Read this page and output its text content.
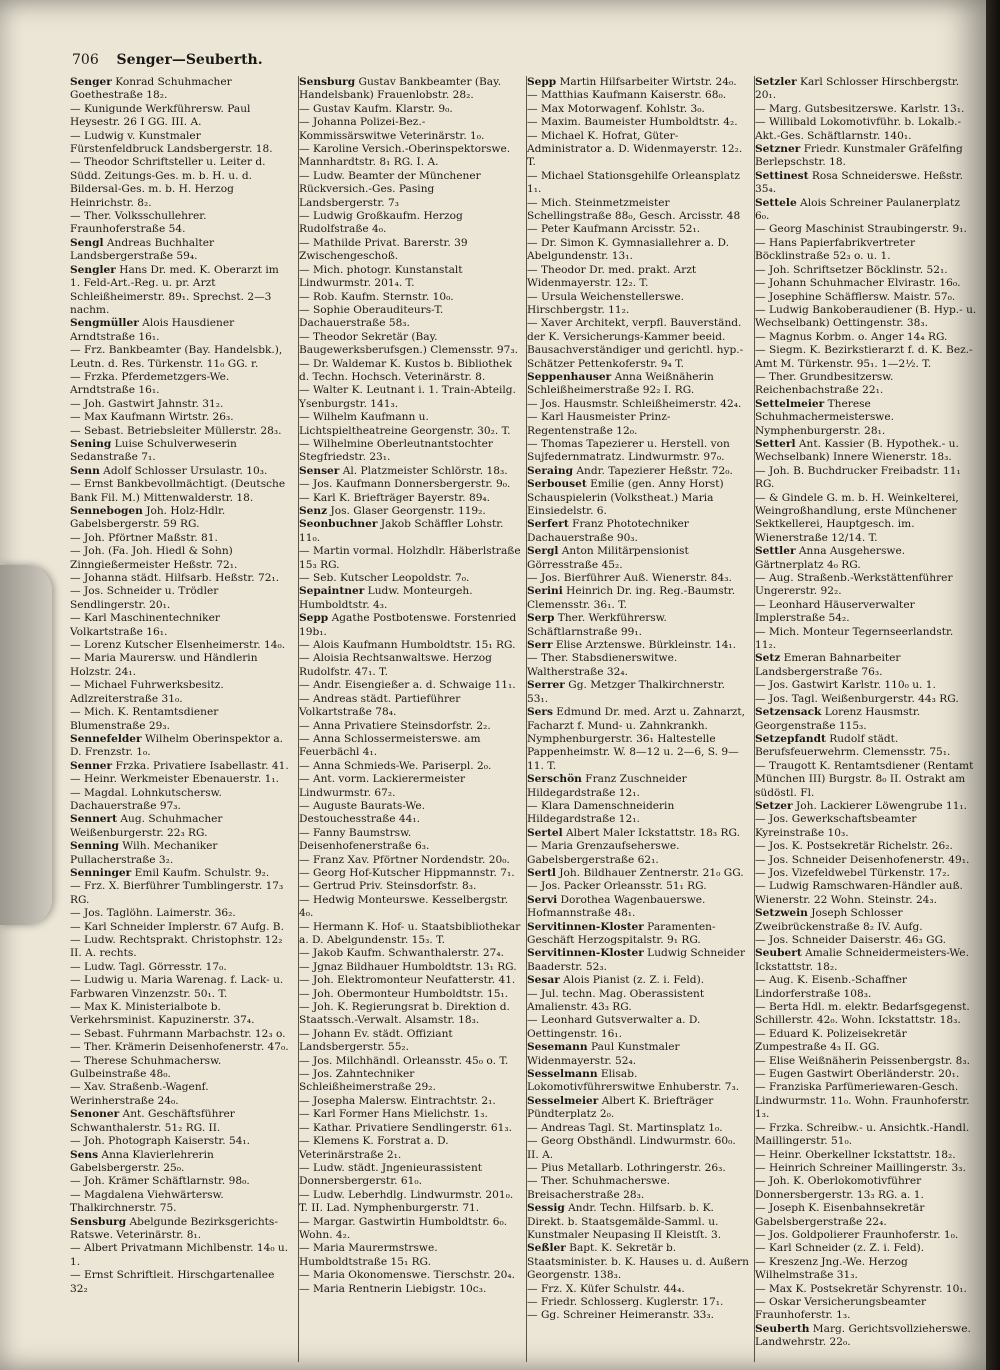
706 Senger—Seuberth.
Senger Konrad Schuhmacher Goethestraße 18₂.
— Kunigunde Werkführersw. Paul Heysestr. 26 I GG. III. A.
— Ludwig v. Kunstmaler Fürstenfeldbruck Landsbergerstr. 18.
— Theodor Schriftsteller u. Leiter d. Südd. Zeitungs-Ges. m. b. H. u. d. Bildersal-Ges. m. b. H. Herzog Heinrichstr. 8₂.
— Ther. Volksschullehrer. Fraunhoferstraße 54.
Sengl Andreas Buchhalter Landsbergerstraße 59₄.
Sengler Hans Dr. med. K. Oberarzt im 1. Feld-Art.-Reg. u. pr. Arzt Schleißheimerstr. 89₁. Sprechst. 2—3 nachm.
Sengmüller Alois Hausdiener Arndtstraße 16₁.
— Frz. Bankbeamter (Bay. Handelsbk.), Leutn. d. Res. Türkenstr. 11₀ GG. r.
— Frzka. Pferdemetzgers-We. Arndtstraße 16₁.
— Joh. Gastwirt Jahnstr. 31₂.
— Max Kaufmann Wirtstr. 26₃.
— Sebast. Betriebsleiter Müllerstr. 28₃.
Sening Luise Schulverweserin Sedanstraße 7₁.
Senn Adolf Schlosser Ursulastr. 10₃.
— Ernst Bankbevollmächtigt. (Deutsche Bank Fil. M.) Mittenwalderstr. 18.
Sennebogen Joh. Holz-Hdlr. Gabelsbergerstr. 59 RG.
— Joh. Pförtner Maßstr. 81.
— Joh. (Fa. Joh. Hiedl & Sohn) Zinngießermeister Heßstr. 72₁.
— Johanna städt. Hilfsarb. Heßstr. 72₁.
— Jos. Schneider u. Trödler Sendlingerstr. 20₁.
— Karl Maschinentechniker Volkartstraße 16₁.
— Lorenz Kutscher Elsenheimerstr. 14₀.
— Maria Maurersw. und Händlerin Holzstr. 24₁.
— Michael Fuhrwerksbesitz. Adlzreiterstraße 31₀.
— Mich. K. Rentamtsdiener Blumenstraße 29₃.
Sennefelder Wilhelm Oberinspektor a. D. Frenzstr. 1₀.
Senner Frzka. Privatiere Isabellastr. 41.
— Heinr. Werkmeister Ebenauerstr. 1₁.
— Magdal. Lohnkutschersw. Dachauerstraße 97₃.
Sennert Aug. Schuhmacher Weißenburgerstr. 22₃ RG.
Senning Wilh. Mechaniker Pullacherstraße 3₂.
Senninger Emil Kaufm. Schulstr. 9₂.
— Frz. X. Bierführer Tumblingerstr. 17₃ RG.
— Jos. Taglöhn. Laimerstr. 36₂.
— Karl Schneider Implerstr. 67 Aufg. B.
— Ludw. Rechtsprakt. Christophstr. 12₂ II. A. rechts.
— Ludw. Tagl. Görresstr. 17₀.
— Ludwig u. Maria Warenag. f. Lack- u. Farbwaren Vinzenzstr. 50₁. T.
— Max K. Ministerialbote b. Verkehrsminist. Kapuzinerstr. 37₄.
— Sebast. Fuhrmann Marbachstr. 12₃ o.
— Ther. Krämerin Deisenhofenerstr. 47₀.
— Therese Schuhmachersw. Gulbeinstraße 48₀.
— Xav. Straßenb.-Wagenf. Werinherstraße 24₀.
Senoner Ant. Geschäftsführer Schwanthalerstr. 51₂ RG. II.
— Joh. Photograph Kaiserstr. 54₁.
Sens Anna Klavierlehrerin Gabelsbergerstr. 25₀.
— Joh. Krämer Schäftlarnstr. 98₀.
— Magdalena Viehwärtersw. Thalkirchnerstr. 75.
Sensburg Abelgunde Bezirksgerichts-Ratswe. Veterinärstr. 8₁.
— Albert Privatmann Michlbenstr. 14₀ u. 1.
— Ernst Schriftleit. Hirschgartenallee 32₂
Sensburg Gustav Bankbeamter (Bay. Handelsbank) Frauenlobstr. 28₂.
— Gustav Kaufm. Klarstr. 9₀.
— Johanna Polizei-Bez.-Kommissärswitwe Veterinärstr. 1₀.
— Karoline Versich.-Oberinspektorswe. Mannhardtstr. 8₁ RG. I. A.
— Ludw. Beamter der Münchener Rückversich.-Ges. Pasing Landsbergerstr. 7₃
— Ludwig Großkaufm. Herzog Rudolfstraße 4₀.
— Mathilde Privat. Barerstr. 39 Zwischengeschoß.
— Mich. photogr. Kunstanstalt Lindwurmstr. 201₄. T.
— Rob. Kaufm. Sternstr. 10₀.
— Sophie Oberauditeurs-T. Dachauerstraße 58₃.
— Theodor Sekretär (Bay. Baugewerksberufsgen.) Clemensstr. 97₃.
— Dr. Waldemar K. Kustos b. Bibliothek d. Techn. Hochsch. Veterinärstr. 8.
— Walter K. Leutnant i. 1. Train-Abteilg. Ysenburgstr. 141₃.
— Wilhelm Kaufmann u. Lichtspieltheatreine Georgenstr. 30₂. T.
— Wilhelmine Oberleutnantstochter Stegfriedstr. 23₁.
Senser Al. Platzmeister Schlörstr. 18₃.
— Jos. Kaufmann Donnersbergerstr. 9₀.
— Karl K. Briefträger Bayerstr. 89₄.
Senz Jos. Glaser Georgenstr. 119₂.
Seonbuchner Jakob Schäffler Lohstr. 11₀.
— Martin vormal. Holzhdlr. Häberlstraße 15₃ RG.
— Seb. Kutscher Leopoldstr. 7₀.
Sepaintner Ludw. Monteurgeh. Humboldtstr. 4₃.
Sepp Agathe Postbotenswe. Forstenried 19b₁.
— Alois Kaufmann Humboldtstr. 15₁ RG.
— Aloisia Rechtsanwaltswe. Herzog Rudolfstr. 47₁. T.
— Andr. Eisengießer a. d. Schwaige 11₁.
— Andreas städt. Partieführer Volkartstraße 78₄.
— Anna Privatiere Steinsdorfstr. 2₂.
— Anna Schlossermeisterswe. am Feuerbächl 4₁.
— Anna Schmieds-We. Pariserpl. 2₀.
— Ant. vorm. Lackierermeister Lindwurmstr. 67₂.
— Auguste Baurats-We. Destouchesstraße 44₁.
— Fanny Baumstrsw. Deisenhofenerstraße 6₃.
— Franz Xav. Pförtner Nordendstr. 20₀.
— Georg Hof-Kutscher Hippmannstr. 7₁.
— Gertrud Priv. Steinsdorfstr. 8₃.
— Hedwig Monteurswe. Kesselbergstr. 4₀.
— Hermann K. Hof- u. Staatsbibliothekar a. D. Abelgundenstr. 15₃. T.
— Jakob Kaufm. Schwanthalerstr. 27₄.
— Jgnaz Bildhauer Humboldtstr. 13₁ RG.
— Joh. Elektromonteur Neufatterstr. 41.
— Joh. Obermonteur Humboldtstr. 15₁.
— Joh. K. Regierungsrat b. Direktion d. Staatssch.-Verwalt. Alsamstr. 18₃.
— Johann Ev. städt. Offiziant Landsbergerstr. 55₂.
— Jos. Milchhändl. Orleansstr. 45₀ o. T.
— Jos. Zahntechniker Schleißheimerstraße 29₂.
— Josepha Malersw. Eintrachtstr. 2₁.
— Karl Former Hans Mielichstr. 1₃.
— Kathar. Privatiere Sendlingerstr. 61₃.
— Klemens K. Forstrat a. D. Veterinärstraße 2₁.
— Ludw. städt. Jngenieurassistent Donnersbergerstr. 61₀.
— Ludw. Leberhdlg. Lindwurmstr. 201₀. T. II. Lad. Nymphenburgerstr. 71.
— Margar. Gastwirtin Humboldtstr. 6₀. Wohn. 4₂.
— Maria Maurermstrswe. Humboldtstraße 15₁ RG.
— Maria Okonomenswe. Tierschstr. 20₄.
— Maria Rentnerin Liebigstr. 10c₃.
Sepp Martin Hilfsarbeiter Wirtstr. 24₀.
— Matthias Kaufmann Kaiserstr. 68₀.
— Max Motorwagenf. Kohlstr. 3₀.
— Maxim. Baumeister Humboldtstr. 4₂.
— Michael K. Hofrat, Güter-Administrator a. D. Widenmayerstr. 12₂. T.
— Michael Stationsgehilfe Orleansplatz 1₁.
— Mich. Steinmetzmeister Schellingstraße 88₀, Gesch. Arcisstr. 48
— Peter Kaufmann Arcisstr. 52₁.
— Dr. Simon K. Gymnasiallehrer a. D. Abelgundenstr. 13₁.
— Theodor Dr. med. prakt. Arzt Widenmayerstr. 12₂. T.
— Ursula Weichenstellerswe. Hirschbergstr. 11₂.
— Xaver Architekt, verpfl. Bauverständ. der K. Versicherungs-Kammer beeid. Bausachverständiger und gerichtl. hyp.-Schätzer Pettenkoferstr. 9₄ T.
Seppenhauser Anna Weißnäherin Schleißheimerstraße 92₂ I. RG.
— Jos. Hausmstr. Schleißheimerstr. 42₄.
— Karl Hausmeister Prinz-Regentenstraße 12₀.
— Thomas Tapezierer u. Herstell. von Sujfedernmatratz. Lindwurmstr. 97₀.
Seraing Andr. Tapezierer Heßstr. 72₀.
Serbouset Emilie (gen. Anny Horst) Schauspielerin (Volkstheat.) Maria Einsiedelstr. 6.
Serfert Franz Phototechniker Dachauerstraße 90₃.
Sergl Anton Militärpensionist Görresstraße 45₂.
— Jos. Bierführer Auß. Wienerstr. 84₃.
Serini Heinrich Dr. ing. Reg.-Baumstr. Clemensstr. 36₁. T.
Serp Ther. Werkführersw. Schäftlarnstraße 99₁.
Serr Elise Arztenswe. Bürkleinstr. 14₁.
— Ther. Stabsdienerswitwe. Waltherstraße 32₄.
Serrer Gg. Metzger Thalkirchnerstr. 53₁.
Sers Edmund Dr. med. Arzt u. Zahnarzt, Facharzt f. Mund- u. Zahnkrankh. Nymphenburgerstr. 36₁ Haltestelle Pappenheimstr. W. 8—12 u. 2—6, S. 9—11. T.
Serschön Franz Zuschneider Hildegardstraße 12₁.
— Klara Damenschneiderin Hildegardstraße 12₁.
Sertel Albert Maler Ickstattstr. 18₃ RG.
— Maria Grenzaufseherswe. Gabelsbergerstraße 62₁.
Sertl Joh. Bildhauer Zentnerstr. 21₀ GG.
— Jos. Packer Orleansstr. 51₁ RG.
Servi Dorothea Wagenbauerswe. Hofmannstraße 48₁.
Servitinnen-Kloster Paramenten-Geschäft Herzogspitalstr. 9₁ RG.
Servitinnen-Kloster Ludwig Schneider Baaderstr. 52₃.
Sesar Alois Pianist (z. Z. i. Feld).
— Jul. techn. Mag. Oberassistent Amalienstr. 43₃ RG.
— Leonhard Gutsverwalter a. D. Oettingenstr. 16₁.
Sesemann Paul Kunstmaler Widenmayerstr. 52₄.
Sesselmann Elisab. Lokomotivführerswitwe Enhuberstr. 7₃.
Sesselmeier Albert K. Briefträger Pündterplatz 2₀.
— Andreas Tagl. St. Martinsplatz 1₀.
— Georg Obsthändl. Lindwurmstr. 60₀. II. A.
— Pius Metallarb. Lothringerstr. 26₃.
— Ther. Schuhmacherswe. Breisacherstraße 28₃.
Sessig Andr. Techn. Hilfsarb. b. K. Direkt. b. Staatsgemälde-Samml. u. Kunstmaler Neupasing II Kleistſt. 3.
Seßler Bapt. K. Sekretär b. Staatsminister. b. K. Hauses u. d. Außern Georgenstr. 138₃.
— Frz. X. Küfer Schulstr. 44₄.
— Friedr. Schlosserg. Kuglerstr. 17₁.
— Gg. Schreiner Heimeranstr. 33₃.
Setzler Karl Schlosser Hirschbergstr. 20₁.
— Marg. Gutsbesitzerswe. Karlstr. 13₁.
— Willibald Lokomotivführ. b. Lokalb.-Akt.-Ges. Schäftlarnstr. 140₁.
Setzner Friedr. Kunstmaler Gräfelfing Berlepschstr. 18.
Settinest Rosa Schneiderswe. Heßstr. 35₄.
Settele Alois Schreiner Paulanerplatz 6₀.
— Georg Maschinist Straubingerstr. 9₁.
— Hans Papierfabrikvertreter Böcklinstraße 52₃ o. u. 1.
— Joh. Schriftsetzer Böcklinstr. 52₁.
— Johann Schuhmacher Elvirastr. 16₀.
— Josephine Schäfflersw. Maistr. 57₀.
— Ludwig Bankoberaudiener (B. Hyp.- u. Wechselbank) Oettingenstr. 38₃.
— Magnus Korbm. o. Anger 14₄ RG.
— Siegm. K. Bezirkstierarzt f. d. K. Bez.-Amt M. Türkenstr. 95₁. 1—2½. T.
— Ther. Grundbesitzersw. Reichenbachstraße 22₁.
Settelmeier Therese Schuhmachermeisterswe. Nymphenburgerstr. 28₁.
Setterl Ant. Kassier (B. Hypothek.- u. Wechselbank) Innere Wienerstr. 18₃.
— Joh. B. Buchdrucker Freibadstr. 11₁ RG.
— & Gindele G. m. b. H. Weinkelterei, Weingroßhandlung, erste Münchener Sektkellerei, Hauptgesch. im. Wienerstraße 12/14. T.
Settler Anna Ausgeherswe. Gärtnerplatz 4₀ RG.
— Aug. Straßenb.-Werkstättenführer Ungererstr. 92₂.
— Leonhard Häuserverwalter Implerstraße 54₂.
— Mich. Monteur Tegernseerlandstr. 11₂.
Setz Emeran Bahnarbeiter Landsbergerstraße 76₃.
— Jos. Gastwirt Karlstr. 110₀ u. 1.
— Jos. Tagl. Weißenburgerstr. 44₃ RG.
Setzensack Lorenz Hausmstr. Georgenstraße 115₃.
Setzepfandt Rudolf städt. Berufsfeuerwehrm. Clemensstr. 75₁.
— Traugott K. Rentamtsdiener (Rentamt München III) Burgstr. 8₀ II. Ostrakt am südöstl. Fl.
Setzer Joh. Lackierer Löwengrube 11₁.
— Jos. Gewerkschaftsbeamter Kyreinstraße 10₃.
— Jos. K. Postsekretär Richelstr. 26₂.
— Jos. Schneider Deisenhofenerstr. 49₁.
— Jos. Vizefeldwebel Türkenstr. 17₂.
— Ludwig Ramschwaren-Händler auß. Wienerstr. 22 Wohn. Steinstr. 24₃.
Setzwein Joseph Schlosser Zweibrückenstraße 8₂ IV. Aufg.
— Jos. Schneider Daiserstr. 46₃ GG.
Seubert Amalie Schneidermeisters-We. Ickstattstr. 18₂.
— Aug. K. Eisenb.-Schaffner Lindorferstraße 108₃.
— Berta Hdl. m. elektr. Bedarfsgegenst. Schillerstr. 42₀. Wohn. Ickstattstr. 18₃.
— Eduard K. Polizeisekretär Zumpestraße 4₃ II. GG.
— Elise Weißnäherin Peissenbergstr. 8₃.
— Eugen Gastwirt Oberländerstr. 20₁.
— Franziska Parfümeriewaren-Gesch. Lindwurmstr. 11₀. Wohn. Fraunhoferstr. 1₃.
— Frzka. Schreibw.- u. Ansichtk.-Handl. Maillingerstr. 51₀.
— Heinr. Oberkellner Ickstattstr. 18₂.
— Heinrich Schreiner Maillingerstr. 3₃.
— Joh. K. Oberlokomotivführer Donnersbergerstr. 13₃ RG. a. 1.
— Joseph K. Eisenbahnsekretär Gabelsbergerstraße 22₄.
— Jos. Goldpolierer Fraunhoferstr. 1₀.
— Karl Schneider (z. Z. i. Feld).
— Kreszenz Jng.-We. Herzog Wilhelmstraße 31₃.
— Max K. Postsekretär Schyrenstr. 10₁.
— Oskar Versicherungsbeamter Fraunhoferstr. 1₃.
Seuberth Marg. Gerichtsvollzieherswe. Landwehrstr. 22₀.
